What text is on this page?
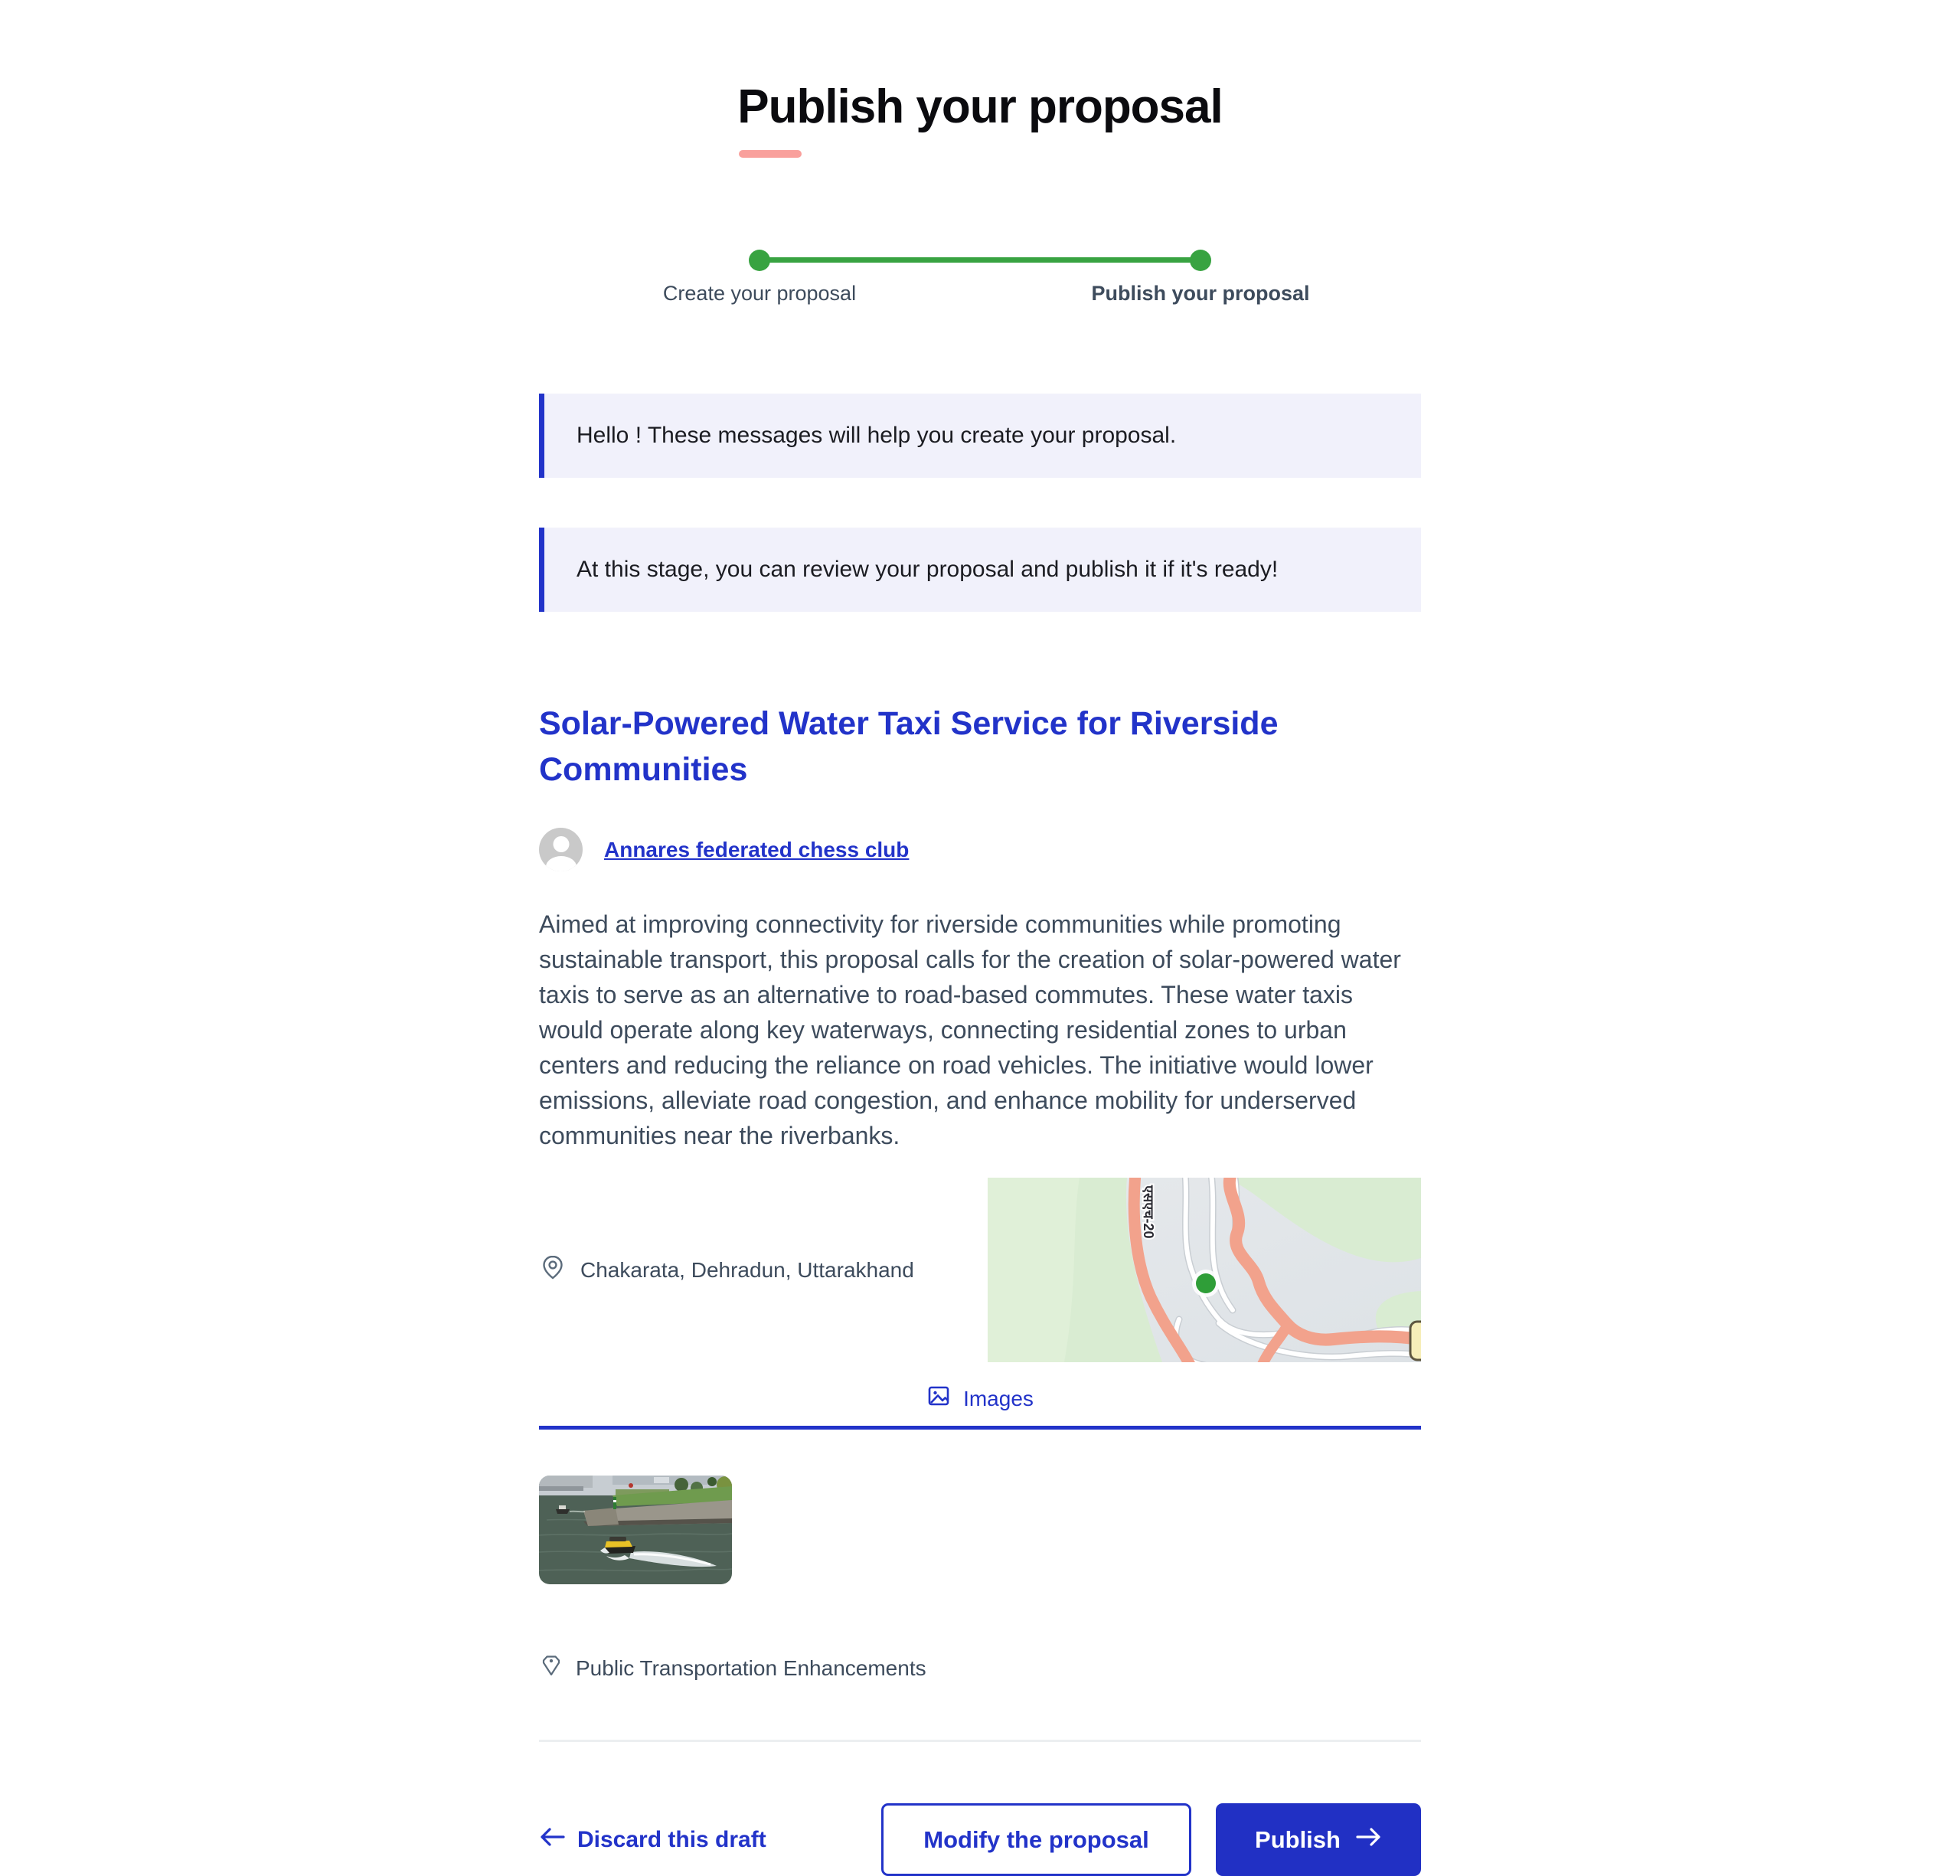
Publish your proposal
Create your proposal	Publish your proposal
Hello ! These messages will help you create your proposal.
At this stage, you can review your proposal and publish it if it's ready!
Solar-Powered Water Taxi Service for Riverside Communities
Annares federated chess club

Aimed at improving connectivity for riverside communities while promoting sustainable transport, this proposal calls for the creation of solar-powered water taxis to serve as an alternative to road-based commutes. These water taxis would operate along key waterways, connecting residential zones to urban centers and reducing the reliance on road vehicles. The initiative would lower emissions, alleviate road congestion, and enhance mobility for underserved communities near the riverbanks.

Chakarata, Dehradun, Uttarakhand
एसएच-20
Images
Public Transportation Enhancements
Discard this draft	Modify the proposal	Publish
